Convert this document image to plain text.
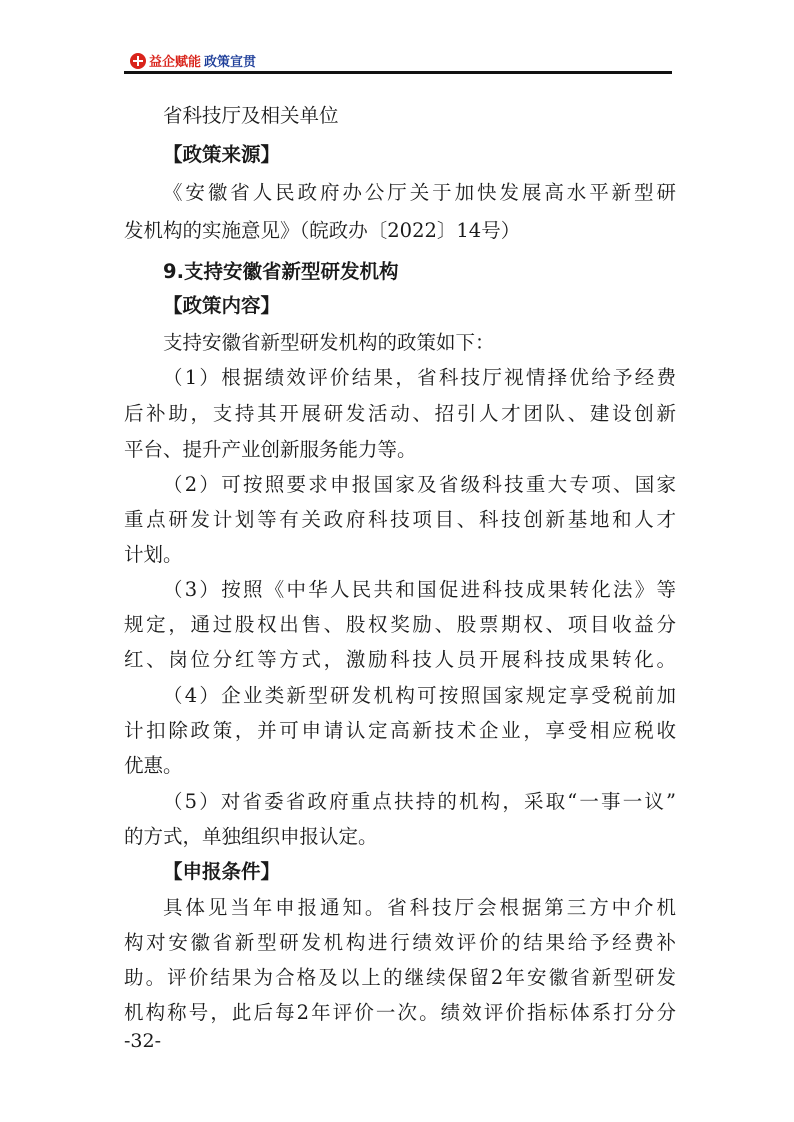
益企赋能 政策宣贯
省科技厅及相关单位
【政策来源】
《安徽省人民政府办公厅关于加快发展高水平新型研
发机构的实施意见》（皖政办〔2022〕14号）
9.支持安徽省新型研发机构
【政策内容】
支持安徽省新型研发机构的政策如下：
（1）根据绩效评价结果，省科技厅视情择优给予经费
后补助，支持其开展研发活动、招引人才团队、建设创新
平台、提升产业创新服务能力等。
（2）可按照要求申报国家及省级科技重大专项、国家
重点研发计划等有关政府科技项目、科技创新基地和人才
计划。
（3）按照《中华人民共和国促进科技成果转化法》等
规定，通过股权出售、股权奖励、股票期权、项目收益分
红、岗位分红等方式，激励科技人员开展科技成果转化。
（4）企业类新型研发机构可按照国家规定享受税前加
计扣除政策，并可申请认定高新技术企业，享受相应税收
优惠。
（5）对省委省政府重点扶持的机构，采取“一事一议”
的方式，单独组织申报认定。
【申报条件】
具体见当年申报通知。省科技厅会根据第三方中介机
构对安徽省新型研发机构进行绩效评价的结果给予经费补
助。评价结果为合格及以上的继续保留2年安徽省新型研发
机构称号，此后每2年评价一次。绩效评价指标体系打分分
-32-
